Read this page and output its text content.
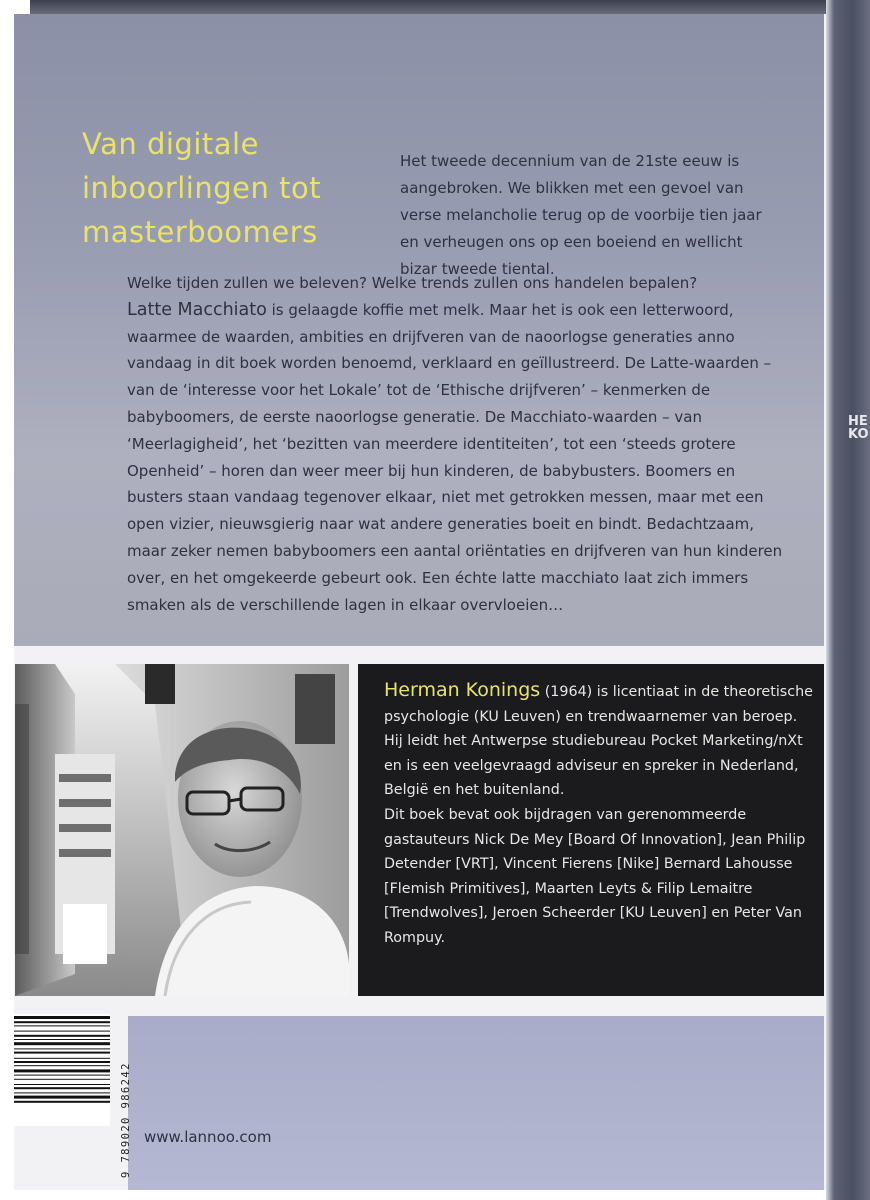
HE
KO
Van digitale
inboorlingen tot
masterboomers
Het tweede decennium van de 21ste eeuw is aangebroken. We blikken met een gevoel van verse melancholie terug op de voorbije tien jaar en verheugen ons op een boeiend en wellicht bizar tweede tiental.
Welke tijden zullen we beleven? Welke trends zullen ons handelen bepalen?
Latte Macchiato is gelaagde koffie met melk. Maar het is ook een letterwoord, waarmee de waarden, ambities en drijfveren van de naoorlogse generaties anno vandaag in dit boek worden benoemd, verklaard en geïllustreerd. De Latte-waarden – van de ‘interesse voor het Lokale’ tot de ‘Ethische drijfveren’ – kenmerken de babyboomers, de eerste naoorlogse generatie. De Macchiato-waarden – van ‘Meerlagigheid’, het ‘bezitten van meerdere identiteiten’, tot een ‘steeds grotere Openheid’ – horen dan weer meer bij hun kinderen, de babybusters. Boomers en busters staan vandaag tegenover elkaar, niet met getrokken messen, maar met een open vizier, nieuwsgierig naar wat andere generaties boeit en bindt. Bedachtzaam, maar zeker nemen babyboomers een aantal oriëntaties en drijfveren van hun kinderen over, en het omgekeerde gebeurt ook. Een échte latte macchiato laat zich immers smaken als de verschillende lagen in elkaar overvloeien…
Herman Konings (1964) is licentiaat in de theoretische psychologie (KU Leuven) en trendwaarnemer van beroep. Hij leidt het Antwerpse studiebureau Pocket Marketing/nXt en is een veelgevraagd adviseur en spreker in Nederland, België en het buitenland.
Dit boek bevat ook bijdragen van gerenommeerde gastauteurs Nick De Mey [Board Of Innovation], Jean Philip Detender [VRT], Vincent Fierens [Nike] Bernard Lahousse [Flemish Primitives], Maarten Leyts & Filip Lemaitre [Trendwolves], Jeroen Scheerder [KU Leuven] en Peter Van Rompuy.
www.lannoo.com
9 789020 986242
